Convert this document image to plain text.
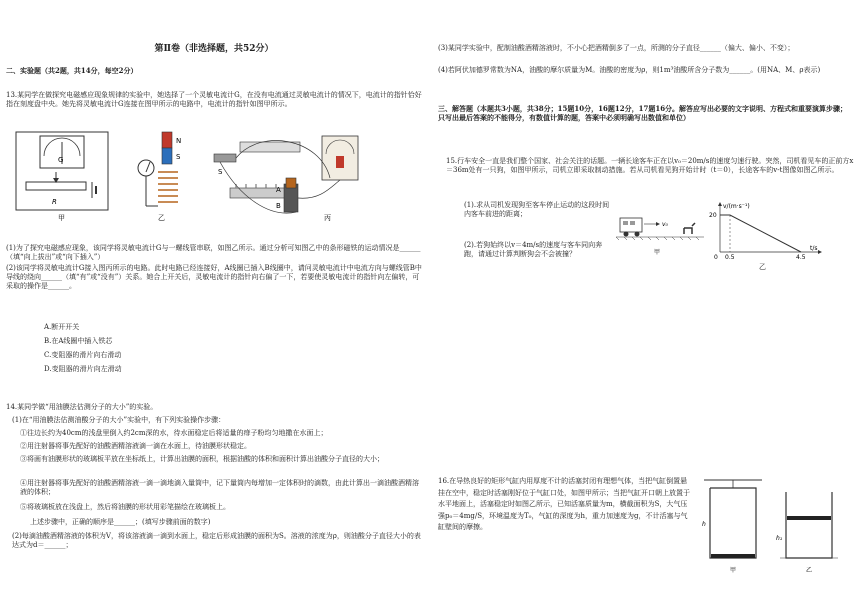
第Ⅱ卷（非选择题，共52分）
二、实验题（共2题，共14分，每空2分）
13.某同学在做探究电磁感应现象规律的实验中，她选择了一个灵敏电流计G，在没有电流通过灵敏电流计的情况下，电流计的指针恰好指在刻度盘中央。她先将灵敏电流计G连接在图甲所示的电路中，电流计的指针如图甲所示。
G
R
甲
N
S
乙
S
A
B
丙
(1)为了探究电磁感应现象，该同学将灵敏电流计G与一螺线管串联，如图乙所示。通过分析可知图乙中的条形磁铁的运动情况是______（填“向上拔出”或“向下插入”）
(2)该同学将灵敏电流计G接入图丙所示的电路。此时电路已经连接好，A线圈已插入B线圈中，请问灵敏电流计中电流方向与螺线管B中导线的绕向______（填“有”或“没有”）关系。她合上开关后，灵敏电流计的指针向右偏了一下，若要使灵敏电流计的指针向左偏转，可采取的操作是______。
A.断开开关
B.在A线圈中插入铁芯
C.变阻器的滑片向右滑动
D.变阻器的滑片向左滑动
14.某同学做“用油膜法估测分子的大小”的实验。
(1)在“用油膜法估测油酸分子的大小”实验中，有下列实验操作步骤：
①往边长约为40cm的浅盘里倒入约2cm深的水，待水面稳定后将适量的痱子粉均匀地撒在水面上；
②用注射器将事先配好的油酸酒精溶液滴一滴在水面上，待油膜形状稳定。
③将画有油膜形状的玻璃板平放在坐标纸上，计算出油膜的面积，根据油酸的体积和面积计算出油酸分子直径的大小；
④用注射器将事先配好的油酸酒精溶液一滴一滴地滴入量筒中，记下量筒内每增加一定体积时的滴数，由此计算出一滴油酸酒精溶液的体积；
⑤将玻璃板放在浅盘上，然后将油膜的形状用彩笔描绘在玻璃板上。
上述步骤中，正确的顺序是______；(填写步骤前面的数字)
(2)每滴油酸酒精溶液的体积为V，将该溶液滴一滴到水面上，稳定后形成油膜的面积为S。溶液的浓度为ρ，则油酸分子直径大小的表达式为d＝______；
(3)某同学实验中，配制油酸酒精溶液时，不小心把酒精倒多了一点，所测的分子直径______（偏大、偏小、不变）；
(4)若阿伏加德罗常数为NA，油酸的摩尔质量为M。油酸的密度为ρ，则1m³油酸所含分子数为______。(用NA、M、ρ表示)
三、解答题（本题共3小题，共38分；15题10分，16题12分，17题16分。解答应写出必要的文字说明、方程式和重要演算步骤；只写出最后答案的不能得分，有数值计算的题，答案中必须明确写出数值和单位）
15.行车安全一直是我们整个国家、社会关注的话题。一辆长途客车正在以v₀＝20m/s的速度匀速行驶。突然，司机看见车的正前方x＝36m处有一只狗，如图甲所示，司机立即采取制动措施。若从司机看见狗开始计时（t＝0），长途客车的v-t图像如图乙所示。
(1).求从司机发现狗至客车停止运动的这段时间内客车前进的距离；
(2).若狗始终以v＝4m/s的速度与客车同向奔跑，请通过计算判断狗会不会被撞？
v₀
甲
v/(m·s⁻¹)
20
0 0.5	4.5
t/s
乙
16.在导热良好的矩形气缸内用厚度不计的活塞封闭有理想气体，当把气缸倒置悬挂在空中，稳定时活塞刚好位于气缸口处，如图甲所示；当把气缸开口朝上放置于水平地面上，活塞稳定时如图乙所示，已知活塞质量为m，横截面积为S，大气压强p₀＝4mg/S，环境温度为T₀，气缸的深度为h，重力加速度为g，不计活塞与气缸壁间的摩擦。	h
甲
h₁
乙
